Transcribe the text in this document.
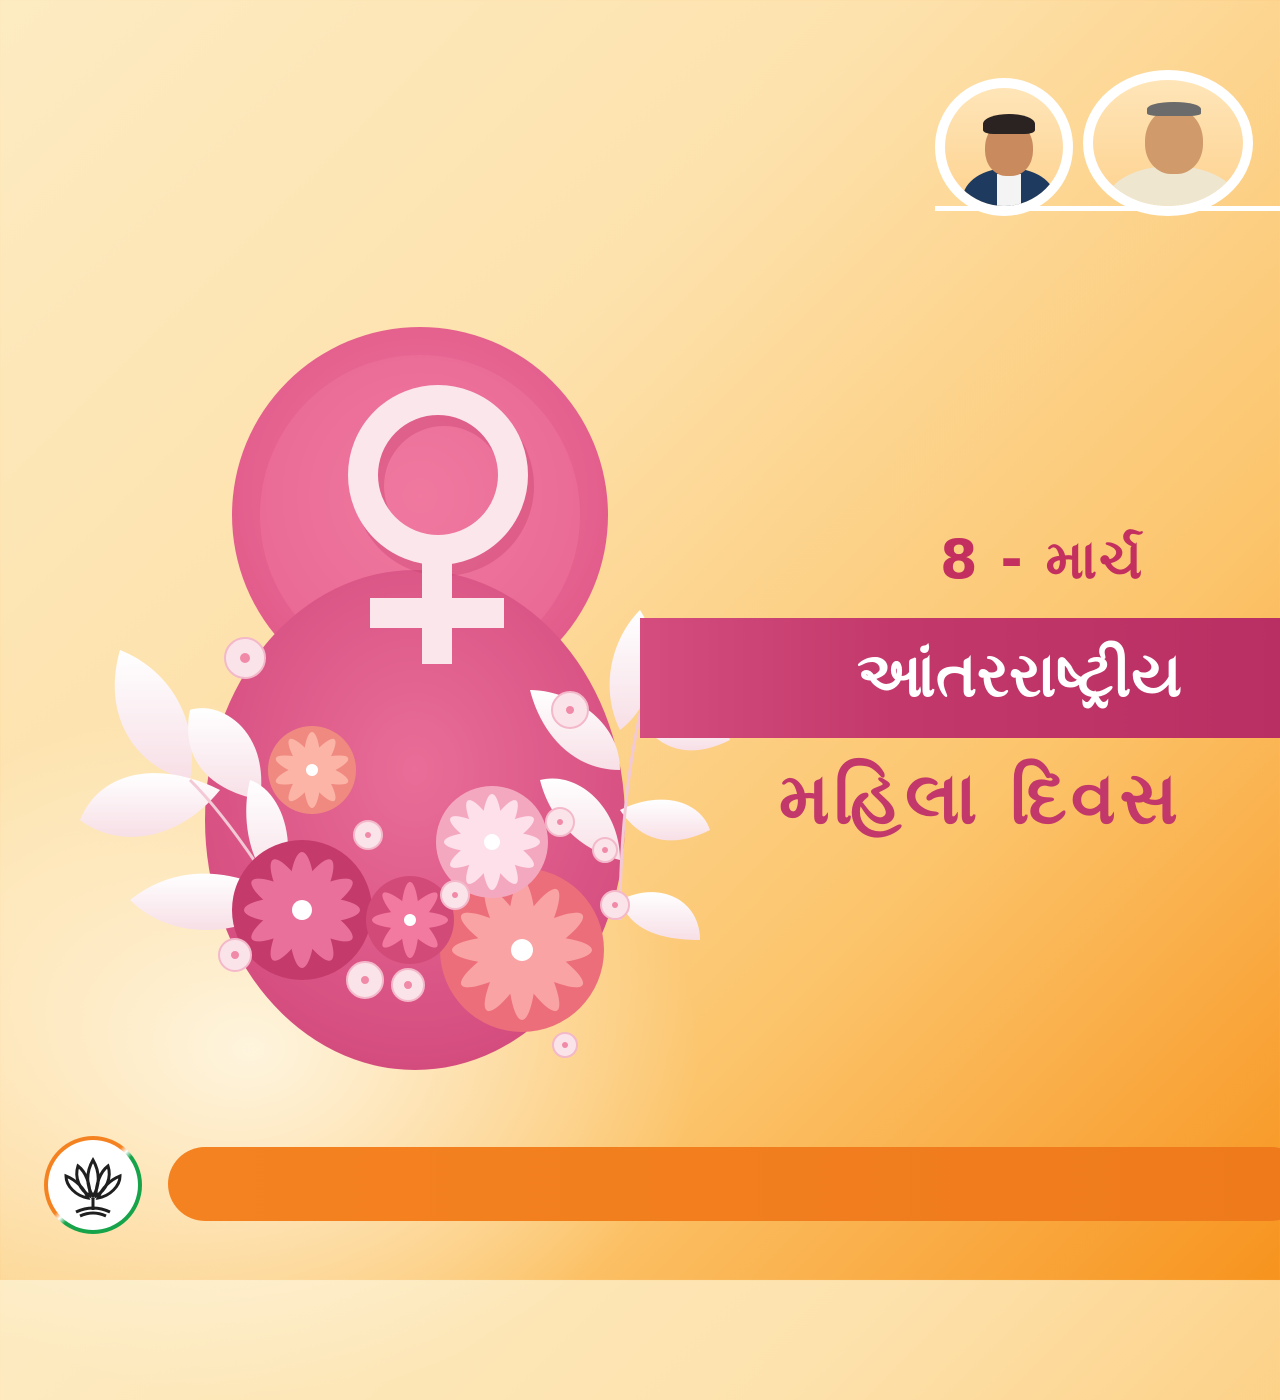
8 - માર્ચ
આંતરરાષ્ટ્રીય
મહિલા દિવસ
